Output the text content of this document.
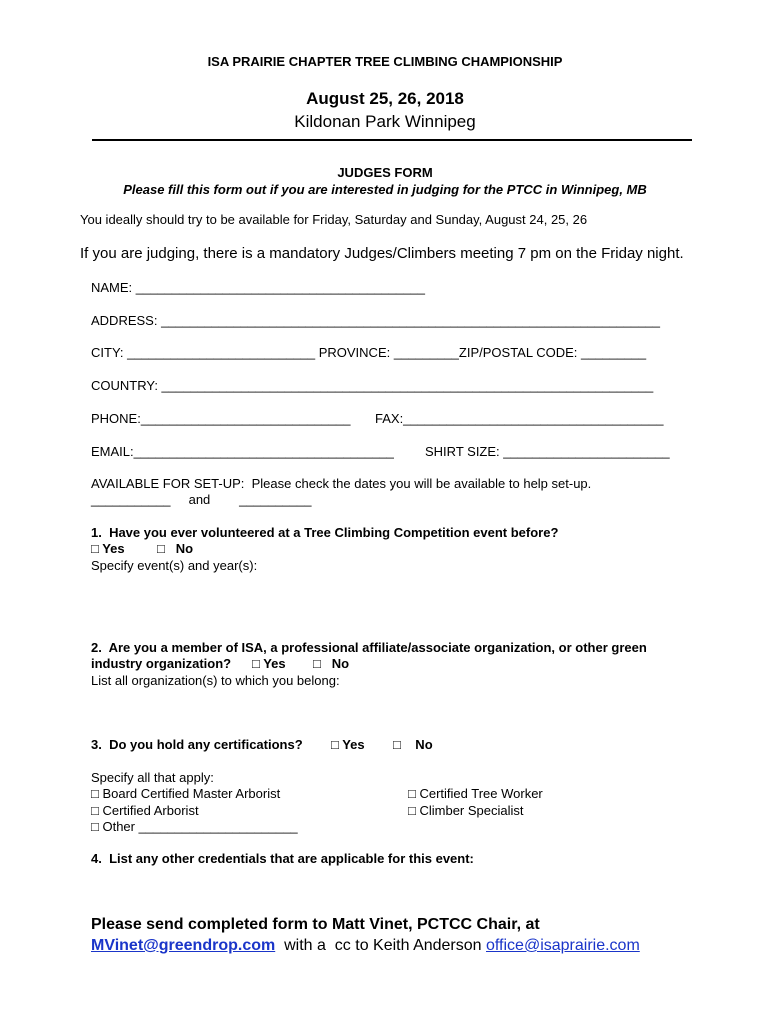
ISA PRAIRIE CHAPTER TREE CLIMBING CHAMPIONSHIP
August 25, 26, 2018
Kildonan Park Winnipeg
JUDGES FORM
Please fill this form out if you are interested in judging for the PTCC in Winnipeg, MB
You ideally should try to be available for Friday, Saturday and Sunday, August 24, 25, 26
If you are judging, there is a mandatory Judges/Climbers meeting 7 pm on the Friday night.
NAME: ________________________________________
ADDRESS: _____________________________________________________________________
CITY: __________________________ PROVINCE: _________ZIP/POSTAL CODE: _________
COUNTRY: ____________________________________________________________________
PHONE:_____________________________ FAX:____________________________________
EMAIL:____________________________________ SHIRT SIZE: _______________________
AVAILABLE FOR SET-UP:  Please check the dates you will be available to help set-up.
___________     and        __________
1.  Have you ever volunteered at a Tree Climbing Competition event before?
□ Yes □   No
Specify event(s) and year(s):
2.  Are you a member of ISA, a professional affiliate/associate organization, or other green
industry organization? □ Yes □   No
List all organization(s) to which you belong:
3.  Do you hold any certifications? □ Yes □    No
Specify all that apply:
□ Board Certified Master Arborist
□ Certified Arborist
□ Other ______________________
□ Certified Tree Worker
□ Climber Specialist
4.  List any other credentials that are applicable for this event:
Please send completed form to Matt Vinet, PCTCC Chair, at
MVinet@greendrop.com  with a  cc to Keith Anderson office@isaprairie.com
